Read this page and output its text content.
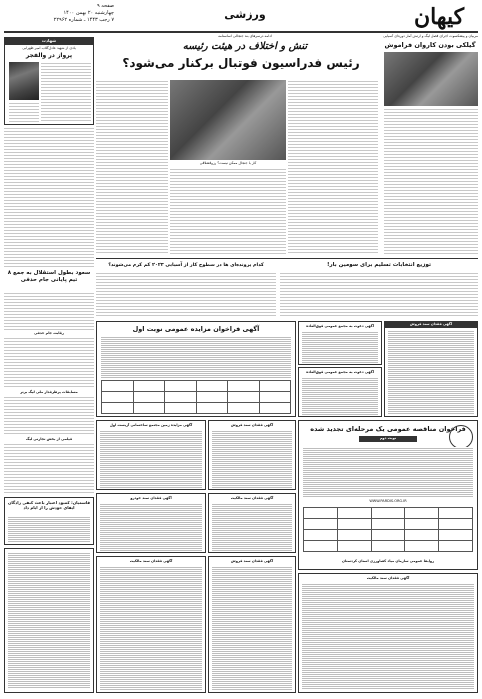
کیهان
ورزشی
صفحه ۹
چهارشنبه ۲۰ بهمن ۱۴۰۰
۷ رجب ۱۴۴۳ ـ شماره ۲۲۹۶۲
شهادت
یادی از شهید عادل‌گلاب امیر ظهرابی
پرواز در والفجر
ادامه درسرهای بند جنجالی اساسنامه
تنش و اختلاف در هیئت رئیسه
رئیس فدراسیون فوتبال برکنار می‌شود؟
کار با جنجال ممکن نیست؟ رزوقشلاقی
مربیان و پیشکسوت اجرای فصل لیگ و ارتش آمار دوره‌ای آسیایی
گیلکی بودن کاروان فراموش
سعود بطول استقلال به جمع ۸ تیم پایانی جام حذفی
رقابت جام حذفی
مسابقات پرطرفدار ملی لیگ برتر
فیلمی از بخش تجارتی لیگ
کدام پرونده‌ای ها در سطوح کار از آسیایی ۲۰۲۳ کم کرم می‌شوند؟	توزیع انتخابات تسلیم برای سومین بار!
آگهی فراخوان مزایده عمومی نوبت اول

						آگهی دعوت به مجمع عمومی فوق‌العاده
آگهی دعوت به مجمع عمومی فوق‌العاده
آگهی فقدان سند فروش
قاسمیان: کمبود اعتبار باعث کنفی زادگان ایفای خودش را از ایام داد
آگهی مزایده زمین مجتمع ساختمانی آزیست اول	آگهی فقدان سند فروش	فراخوان مناقصه عمومی یک مرحله‌ای تجدید شده
نوبت دوم
WWW.PARDIS.ORG.IR

روابط عمومی سازمان میاد کشاورزی استان کردستان
آگهی فقدان سند خودرو	آگهی فقدان سند مالکیت
آگهی فقدان سند مالکیت	آگهی فقدان سند فروش
آگهی فقدان سند مالکیت
